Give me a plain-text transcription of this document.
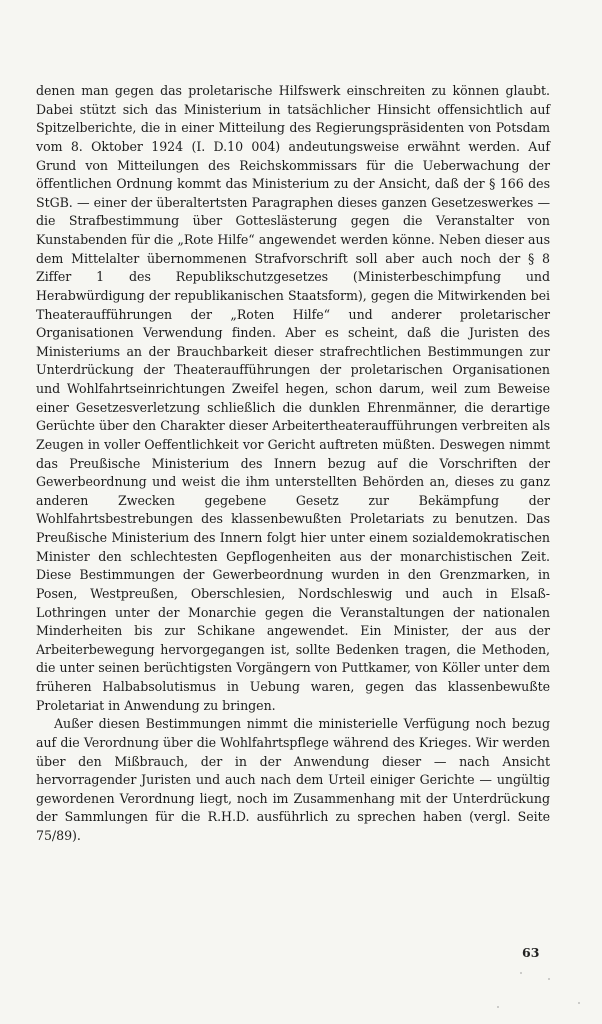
denen man gegen das proletarische Hilfswerk einschreiten zu können glaubt. Dabei stützt sich das Ministerium in tatsächlicher Hinsicht offensichtlich auf Spitzelberichte, die in einer Mitteilung des Regierungspräsidenten von Potsdam vom 8. Oktober 1924 (I. D.10 004) andeutungsweise erwähnt werden. Auf Grund von Mitteilungen des Reichskommissars für die Ueberwachung der öffentlichen Ordnung kommt das Ministerium zu der Ansicht, daß der § 166 des StGB. — einer der überaltertsten Paragraphen dieses ganzen Gesetzeswerkes — die Strafbestimmung über Gotteslästerung gegen die Veranstalter von Kunstabenden für die „Rote Hilfe“ angewendet werden könne. Neben dieser aus dem Mittelalter übernommenen Strafvorschrift soll aber auch noch der § 8 Ziffer 1 des Republikschutzgesetzes (Ministerbeschimpfung und Herabwürdigung der republikanischen Staatsform), gegen die Mitwirkenden bei Theateraufführungen der „Roten Hilfe“ und anderer proletarischer Organisationen Verwendung finden. Aber es scheint, daß die Juristen des Ministeriums an der Brauchbarkeit dieser strafrechtlichen Bestimmungen zur Unterdrückung der Theateraufführungen der proletarischen Organisationen und Wohlfahrtseinrichtungen Zweifel hegen, schon darum, weil zum Beweise einer Gesetzesverletzung schließlich die dunklen Ehrenmänner, die derartige Gerüchte über den Charakter dieser Arbeitertheateraufführungen verbreiten als Zeugen in voller Oeffentlichkeit vor Gericht auftreten müßten. Deswegen nimmt das Preußische Ministerium des Innern bezug auf die Vorschriften der Gewerbeordnung und weist die ihm unterstellten Behörden an, dieses zu ganz anderen Zwecken gegebene Gesetz zur Bekämpfung der Wohlfahrtsbestrebungen des klassenbewußten Proletariats zu benutzen. Das Preußische Ministerium des Innern folgt hier unter einem sozialdemokratischen Minister den schlechtesten Gepflogenheiten aus der monarchistischen Zeit. Diese Bestimmungen der Gewerbeordnung wurden in den Grenzmarken, in Posen, Westpreußen, Oberschlesien, Nordschleswig und auch in Elsaß-Lothringen unter der Monarchie gegen die Veranstaltungen der nationalen Minderheiten bis zur Schikane angewendet. Ein Minister, der aus der Arbeiterbewegung hervorgegangen ist, sollte Bedenken tragen, die Methoden, die unter seinen berüchtigsten Vorgängern von Puttkamer, von Köller unter dem früheren Halbabsolutismus in Uebung waren, gegen das klassenbewußte Proletariat in Anwendung zu bringen.

Außer diesen Bestimmungen nimmt die ministerielle Verfügung noch bezug auf die Verordnung über die Wohlfahrtspflege während des Krieges. Wir werden über den Mißbrauch, der in der Anwendung dieser — nach Ansicht hervorragender Juristen und auch nach dem Urteil einiger Gerichte — ungültig gewordenen Verordnung liegt, noch im Zusammenhang mit der Unterdrückung der Sammlungen für die R.H.D. ausführlich zu sprechen haben (vergl. Seite 75/89).

63
